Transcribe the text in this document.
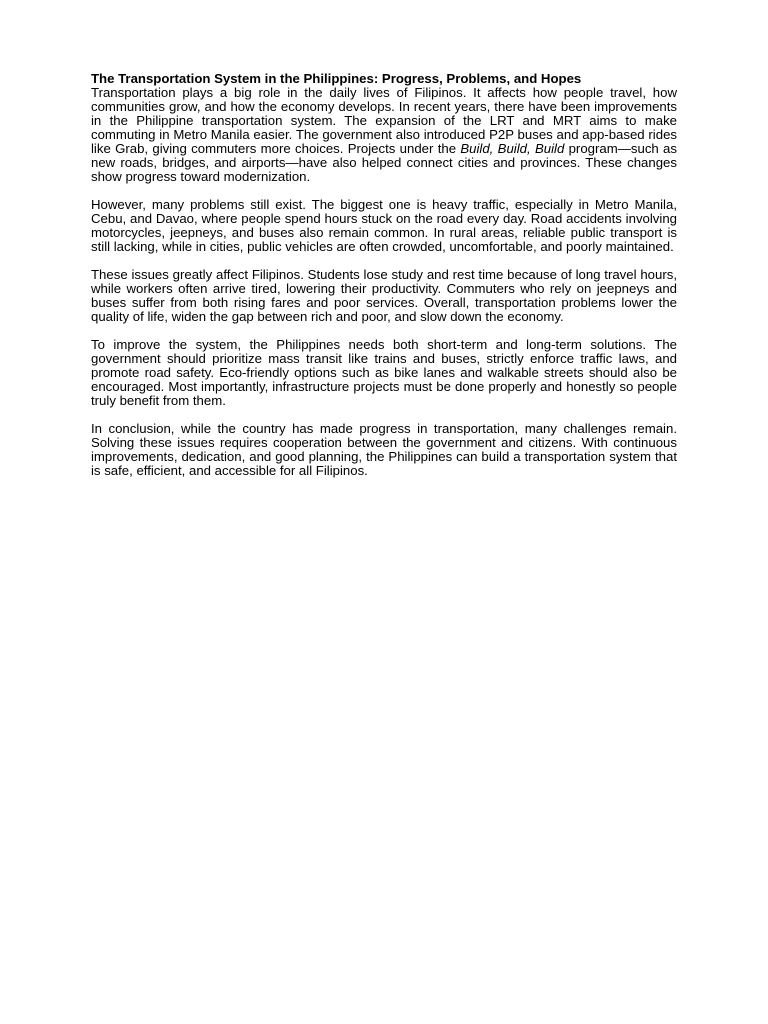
The Transportation System in the Philippines: Progress, Problems, and Hopes

Transportation plays a big role in the daily lives of Filipinos. It affects how people travel, how communities grow, and how the economy develops. In recent years, there have been improvements in the Philippine transportation system. The expansion of the LRT and MRT aims to make commuting in Metro Manila easier. The government also introduced P2P buses and app-based rides like Grab, giving commuters more choices. Projects under the Build, Build, Build program—such as new roads, bridges, and airports—have also helped connect cities and provinces. These changes show progress toward modernization.

However, many problems still exist. The biggest one is heavy traffic, especially in Metro Manila, Cebu, and Davao, where people spend hours stuck on the road every day. Road accidents involving motorcycles, jeepneys, and buses also remain common. In rural areas, reliable public transport is still lacking, while in cities, public vehicles are often crowded, uncomfortable, and poorly maintained.

These issues greatly affect Filipinos. Students lose study and rest time because of long travel hours, while workers often arrive tired, lowering their productivity. Commuters who rely on jeepneys and buses suffer from both rising fares and poor services. Overall, transportation problems lower the quality of life, widen the gap between rich and poor, and slow down the economy.

To improve the system, the Philippines needs both short-term and long-term solutions. The government should prioritize mass transit like trains and buses, strictly enforce traffic laws, and promote road safety. Eco-friendly options such as bike lanes and walkable streets should also be encouraged. Most importantly, infrastructure projects must be done properly and honestly so people truly benefit from them.

In conclusion, while the country has made progress in transportation, many challenges remain. Solving these issues requires cooperation between the government and citizens. With continuous improvements, dedication, and good planning, the Philippines can build a transportation system that is safe, efficient, and accessible for all Filipinos.
